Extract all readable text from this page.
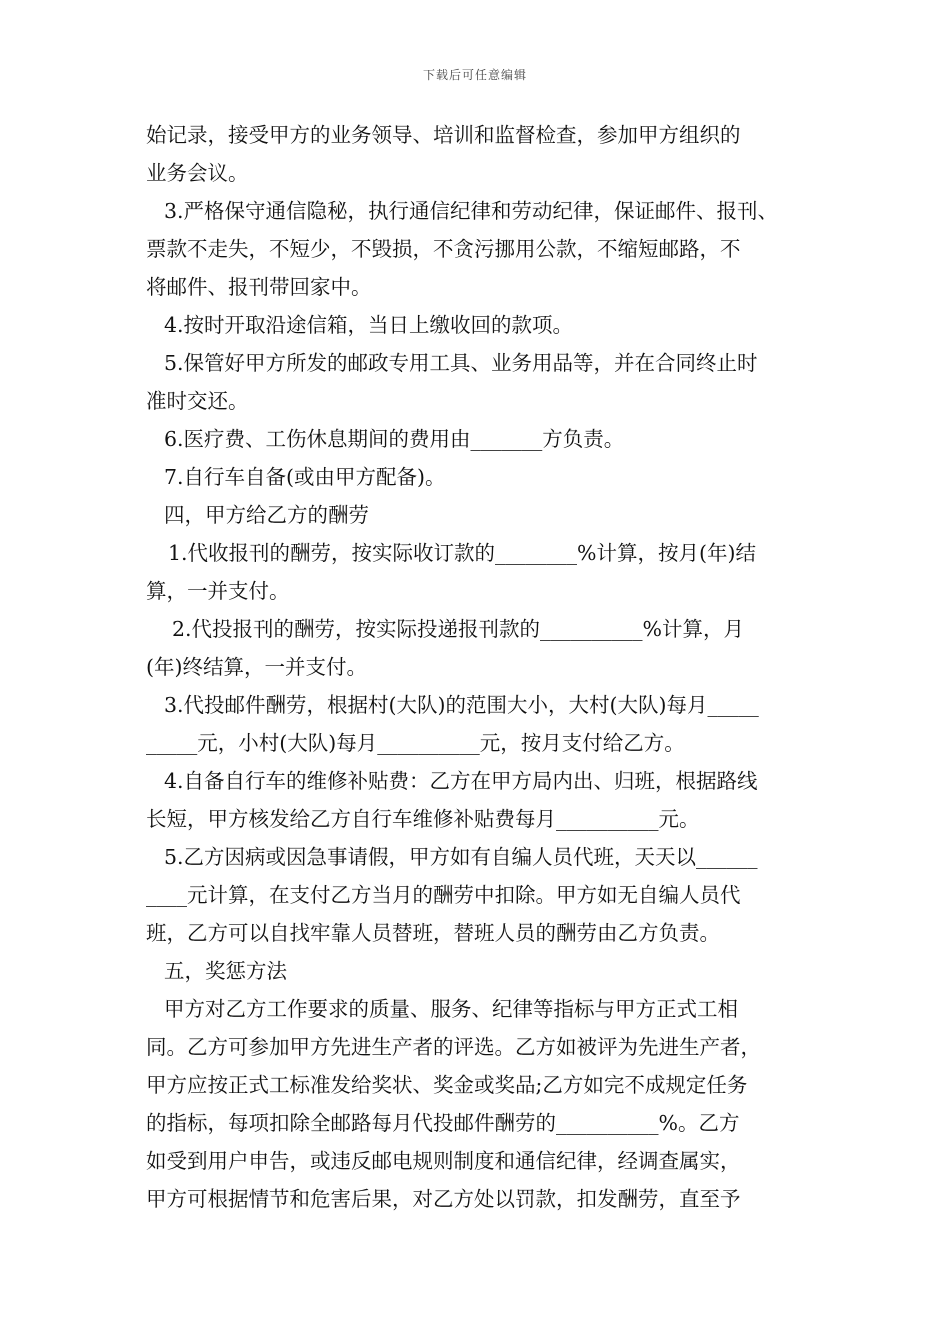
下载后可任意编辑
始记录，接受甲方的业务领导、培训和监督检查，参加甲方组织的
业务会议。
3.严格保守通信隐秘，执行通信纪律和劳动纪律，保证邮件、报刊、
票款不走失，不短少，不毁损，不贪污挪用公款，不缩短邮路，不
将邮件、报刊带回家中。
4.按时开取沿途信箱，当日上缴收回的款项。
5.保管好甲方所发的邮政专用工具、业务用品等，并在合同终止时
准时交还。
6.医疗费、工伤休息期间的费用由_______方负责。
7.自行车自备(或由甲方配备)。
四，甲方给乙方的酬劳
1.代收报刊的酬劳，按实际收订款的________%计算，按月(年)结
算，一并支付。
2.代投报刊的酬劳，按实际投递报刊款的__________%计算，月
(年)终结算，一并支付。
3.代投邮件酬劳，根据村(大队)的范围大小，大村(大队)每月_____
_____元，小村(大队)每月__________元，按月支付给乙方。
4.自备自行车的维修补贴费：乙方在甲方局内出、归班，根据路线
长短，甲方核发给乙方自行车维修补贴费每月__________元。
5.乙方因病或因急事请假，甲方如有自编人员代班，天天以______
____元计算，在支付乙方当月的酬劳中扣除。甲方如无自编人员代
班，乙方可以自找牢靠人员替班，替班人员的酬劳由乙方负责。
五，奖惩方法
甲方对乙方工作要求的质量、服务、纪律等指标与甲方正式工相
同。乙方可参加甲方先进生产者的评选。乙方如被评为先进生产者，
甲方应按正式工标准发给奖状、奖金或奖品;乙方如完不成规定任务
的指标，每项扣除全邮路每月代投邮件酬劳的__________%。乙方
如受到用户申告，或违反邮电规则制度和通信纪律，经调查属实，
甲方可根据情节和危害后果，对乙方处以罚款，扣发酬劳，直至予
